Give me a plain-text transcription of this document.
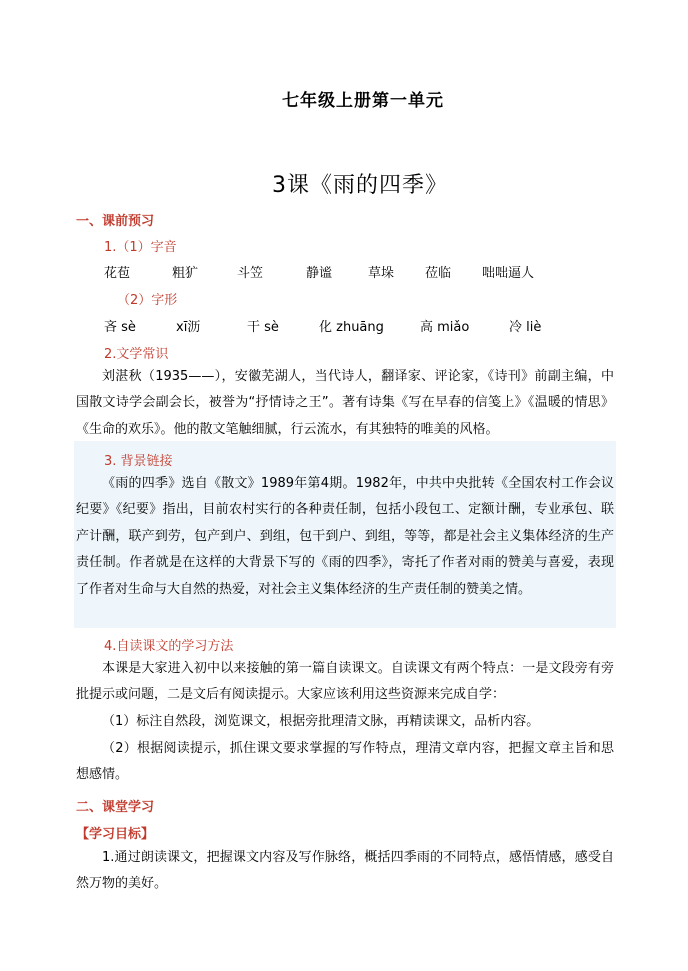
七年级上册第一单元
3课《雨的四季》
一、课前预习
1.（1）字音
花苞	粗犷	斗笠	静谧	草垛 莅临 咄咄逼人
（2）字形
吝 sè	xī沥	干 sè	化 zhuāng	高 miǎo	冷 liè
2.文学常识
刘湛秋（1935——），安徽芜湖人，当代诗人，翻译家、评论家，《诗刊》前副主编，中国散文诗学会副会长，被誉为“抒情诗之王”。著有诗集《写在早春的信笺上》《温暖的情思》《生命的欢乐》。他的散文笔触细腻，行云流水，有其独特的唯美的风格。
3. 背景链接
《雨的四季》选自《散文》1989年第4期。1982年，中共中央批转《全国农村工作会议纪要》《纪要》指出，目前农村实行的各种责任制，包括小段包工、定额计酬，专业承包、联产计酬，联产到劳，包产到户、到组，包干到户、到组，等等，都是社会主义集体经济的生产责任制。作者就是在这样的大背景下写的《雨的四季》，寄托了作者对雨的赞美与喜爱，表现了作者对生命与大自然的热爱，对社会主义集体经济的生产责任制的赞美之情。
4.自读课文的学习方法
本课是大家进入初中以来接触的第一篇自读课文。自读课文有两个特点：一是文段旁有旁批提示或问题，二是文后有阅读提示。大家应该利用这些资源来完成自学：
（1）标注自然段，浏览课文，根据旁批理清文脉，再精读课文，品析内容。
（2）根据阅读提示，抓住课文要求掌握的写作特点，理清文章内容，把握文章主旨和思想感情。
二、课堂学习
【学习目标】
1.通过朗读课文，把握课文内容及写作脉络，概括四季雨的不同特点，感悟情感，感受自然万物的美好。
